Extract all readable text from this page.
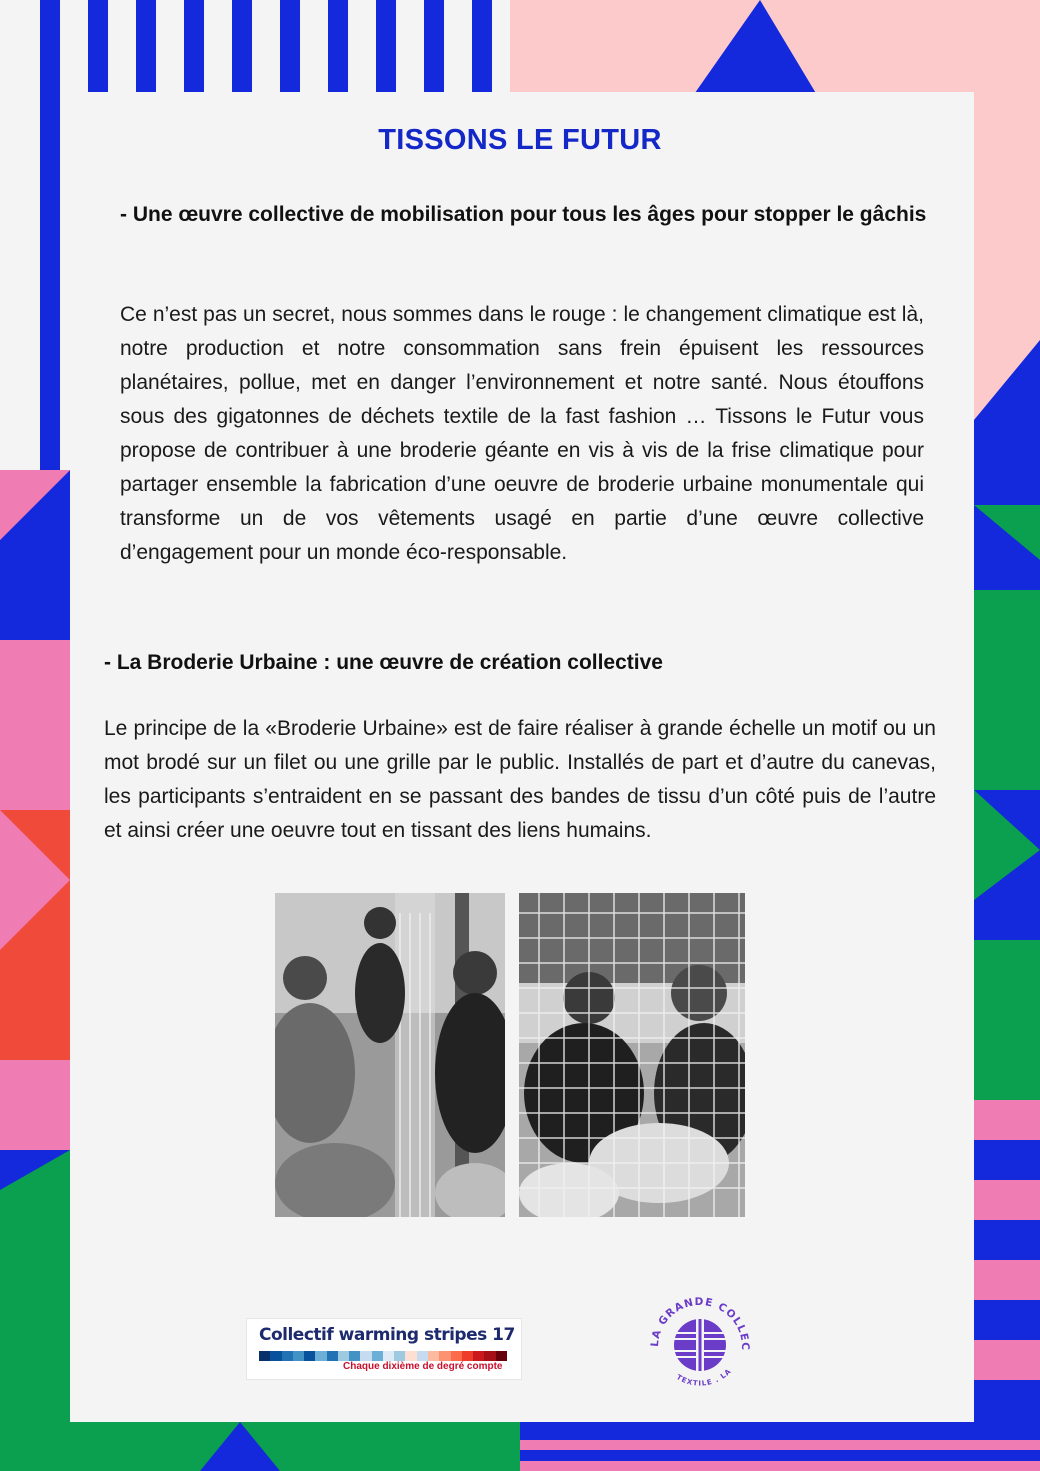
TISSONS LE FUTUR
- Une œuvre collective de mobilisation pour tous les âges pour stopper le gâchis
Ce n’est pas un secret, nous sommes dans le rouge : le changement climatique est là, notre production et notre consommation sans frein épuisent les ressources planétaires, pollue, met en danger l’environnement et notre santé. Nous étouffons sous des gigatonnes de déchets textile de la fast fashion … Tissons le Futur vous propose de contribuer à une broderie géante en vis à vis de la frise climatique pour partager ensemble la fabrication d’une oeuvre de broderie urbaine monumentale qui transforme un de vos vêtements usagé en partie d’une œuvre collective d’engagement pour un monde éco-responsable.
- La Broderie Urbaine : une œuvre de création collective
Le principe de la «Broderie Urbaine» est de faire réaliser à grande échelle un motif ou un mot brodé sur un filet ou une grille par le public. Installés de part et d’autre du canevas, les participants s’entraident en se passant des bandes de tissu d’un côté puis de l’autre et ainsi créer une oeuvre tout en tissant des liens humains.
Collectif warming stripes 17
Chaque dixième de degré compte
LA GRANDE COLLEC
TEXTILE . LA
